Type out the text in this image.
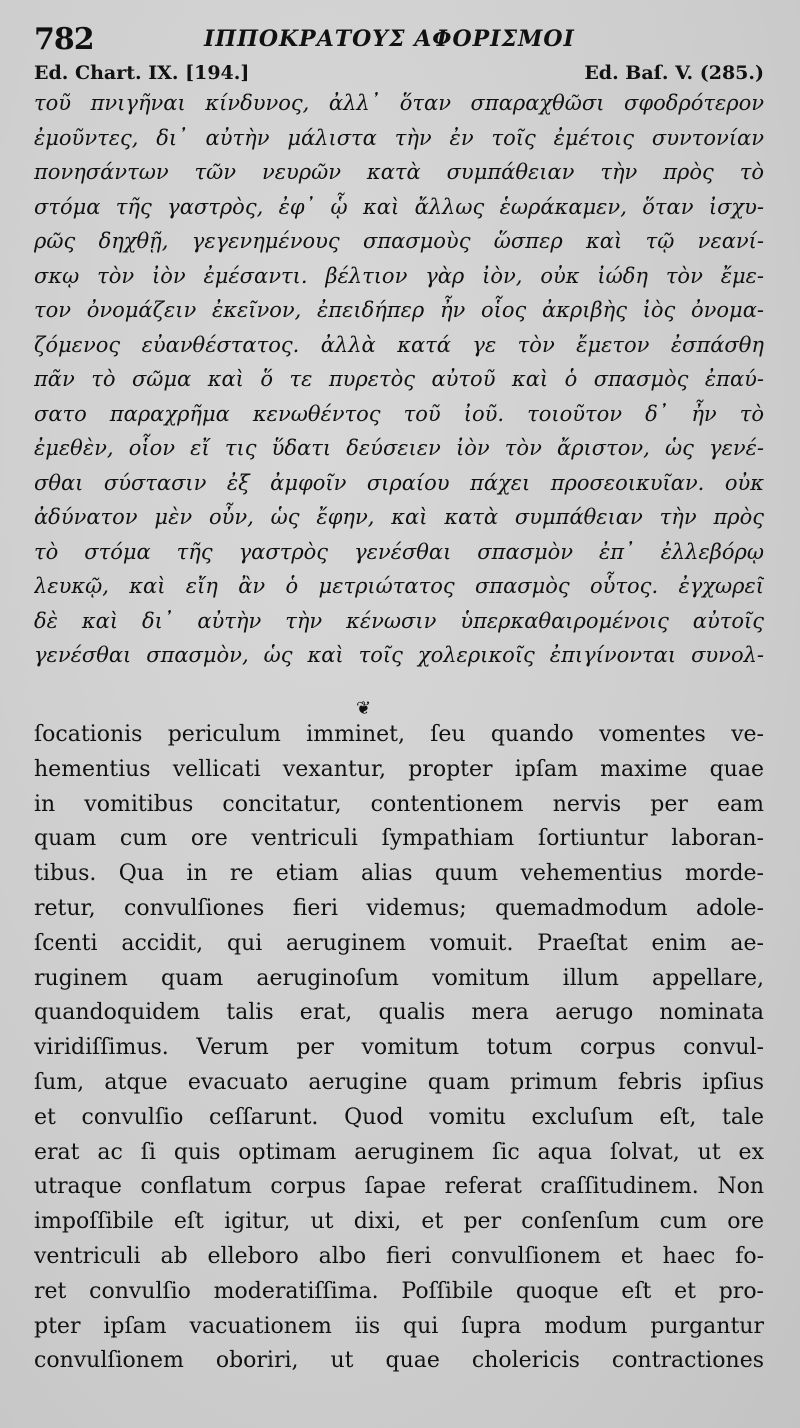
782	ΙΠΠΟΚΡΑΤΟΥΣ ΑΦΟΡΙΣΜΟΙ
Ed. Chart. IX. [194.]	Ed. Baſ. V. (285.)
τοῦ πνιγῆναι κίνδυνος, ἀλλ᾽ ὅταν σπαραχθῶσι σφοδρότερον
ἐμοῦντες, δι᾽ αὐτὴν μάλιστα τὴν ἐν τοῖς ἐμέτοις συντονίαν
πονησάντων τῶν νευρῶν κατὰ συμπάθειαν τὴν πρὸς τὸ
στόμα τῆς γαστρὸς, ἐφ᾽ ᾧ καὶ ἄλλως ἑωράκαμεν, ὅταν ἰσχυ-
ρῶς δηχθῇ, γεγενημένους σπασμοὺς ὥσπερ καὶ τῷ νεανί-
σκῳ τὸν ἰὸν ἐμέσαντι. βέλτιον γὰρ ἰὸν, οὐκ ἰώδη τὸν ἔμε-
τον ὀνομάζειν ἐκεῖνον, ἐπειδήπερ ἦν οἷος ἀκριβὴς ἰὸς ὀνομα-
ζόμενος εὐανθέστατος. ἀλλὰ κατά γε τὸν ἔμετον ἐσπάσθη
πᾶν τὸ σῶμα καὶ ὅ τε πυρετὸς αὐτοῦ καὶ ὁ σπασμὸς ἐπαύ-
σατο παραχρῆμα κενωθέντος τοῦ ἰοῦ. τοιοῦτον δ᾽ ἦν τὸ
ἐμεθὲν, οἷον εἴ τις ὕδατι δεύσειεν ἰὸν τὸν ἄριστον, ὡς γενέ-
σθαι σύστασιν ἐξ ἀμφοῖν σιραίου πάχει προσεοικυῖαν. οὐκ
ἀδύνατον μὲν οὖν, ὡς ἔφην, καὶ κατὰ συμπάθειαν τὴν πρὸς
τὸ στόμα τῆς γαστρὸς γενέσθαι σπασμὸν ἐπ᾽ ἐλλεβόρῳ
λευκῷ, καὶ εἴη ἂν ὁ μετριώτατος σπασμὸς οὗτος. ἐγχωρεῖ
δὲ καὶ δι᾽ αὐτὴν τὴν κένωσιν ὑπερκαθαιρομένοις αὐτοῖς
γενέσθαι σπασμὸν, ὡς καὶ τοῖς χολερικοῖς ἐπιγίνονται συνολ-
❦
ſocationis periculum imminet, ſeu quando vomentes ve-
hementius vellicati vexantur, propter ipſam maxime quae
in vomitibus concitatur, contentionem nervis per eam
quam cum ore ventriculi ſympathiam ſortiuntur laboran-
tibus. Qua in re etiam alias quum vehementius morde-
retur, convulſiones fieri videmus; quemadmodum adole-
ſcenti accidit, qui aeruginem vomuit. Praeſtat enim ae-
ruginem quam aeruginoſum vomitum illum appellare,
quandoquidem talis erat, qualis mera aerugo nominata
viridiſſimus. Verum per vomitum totum corpus convul-
ſum, atque evacuato aerugine quam primum febris ipſius
et convulſio ceſſarunt. Quod vomitu excluſum eſt, tale
erat ac ſi quis optimam aeruginem ſic aqua ſolvat, ut ex
utraque conflatum corpus ſapae referat craſſitudinem. Non
impoſſibile eſt igitur, ut dixi, et per conſenſum cum ore
ventriculi ab elleboro albo fieri convulſionem et haec fo-
ret convulſio moderatiſſima. Poſſibile quoque eſt et pro-
pter ipſam vacuationem iis qui ſupra modum purgantur
convulſionem oboriri, ut quae cholericis contractiones
